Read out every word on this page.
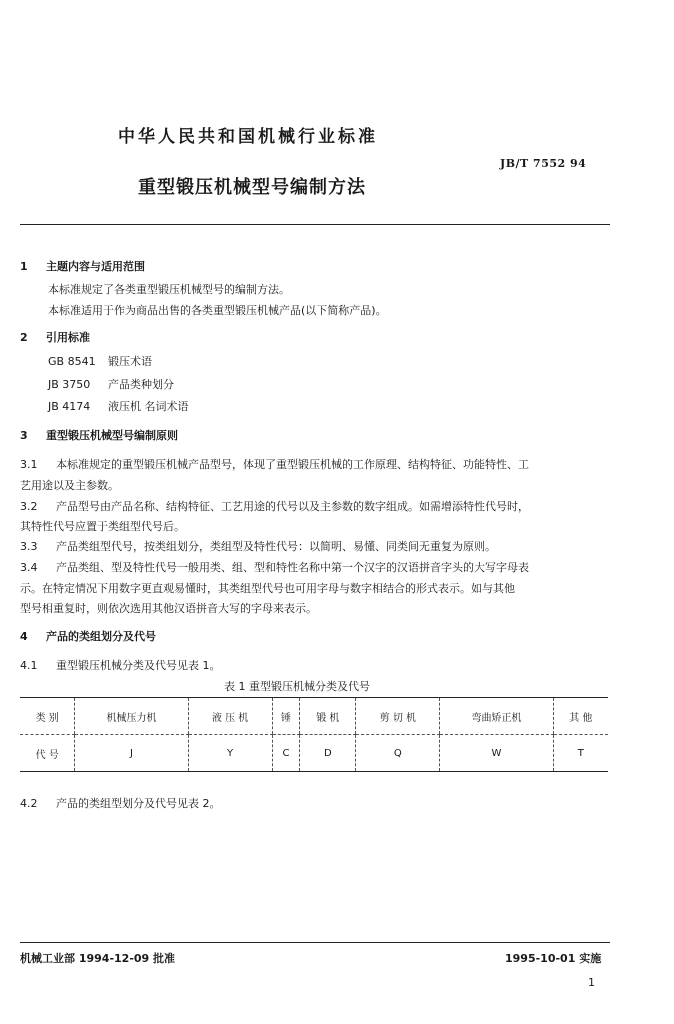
中华人民共和国机械行业标准
JB/T 7552 94
重型锻压机械型号编制方法
1 主题内容与适用范围
本标准规定了各类重型锻压机械型号的编制方法。
本标准适用于作为商品出售的各类重型锻压机械产品(以下简称产品)。
2 引用标准
GB 8541 锻压术语
JB 3750 产品类种划分
JB 4174 液压机 名词术语
3 重型锻压机械型号编制原则
3.1 本标准规定的重型锻压机械产品型号，体现了重型锻压机械的工作原理、结构特征、功能特性、工
艺用途以及主参数。
3.2 产品型号由产品名称、结构特征、工艺用途的代号以及主参数的数字组成。如需增添特性代号时，
其特性代号应置于类组型代号后。
3.3 产品类组型代号，按类组划分，类组型及特性代号：以简明、易懂、同类间无重复为原则。
3.4 产品类组、型及特性代号一般用类、组、型和特性名称中第一个汉字的汉语拼音字头的大写字母表
示。在特定情况下用数字更直观易懂时，其类组型代号也可用字母与数字相结合的形式表示。如与其他
型号相重复时，则依次选用其他汉语拼音大写的字母来表示。
4 产品的类组划分及代号
4.1 重型锻压机械分类及代号见表 1。
表 1 重型锻压机械分类及代号
类 别	机械压力机	液 压 机	锤	锻 机	剪 切 机	弯曲矫正机	其 他
代 号	J	Y	C	D	Q	W	T
4.2 产品的类组型划分及代号见表 2。
机械工业部 1994-12-09 批准	1995-10-01 实施
1
